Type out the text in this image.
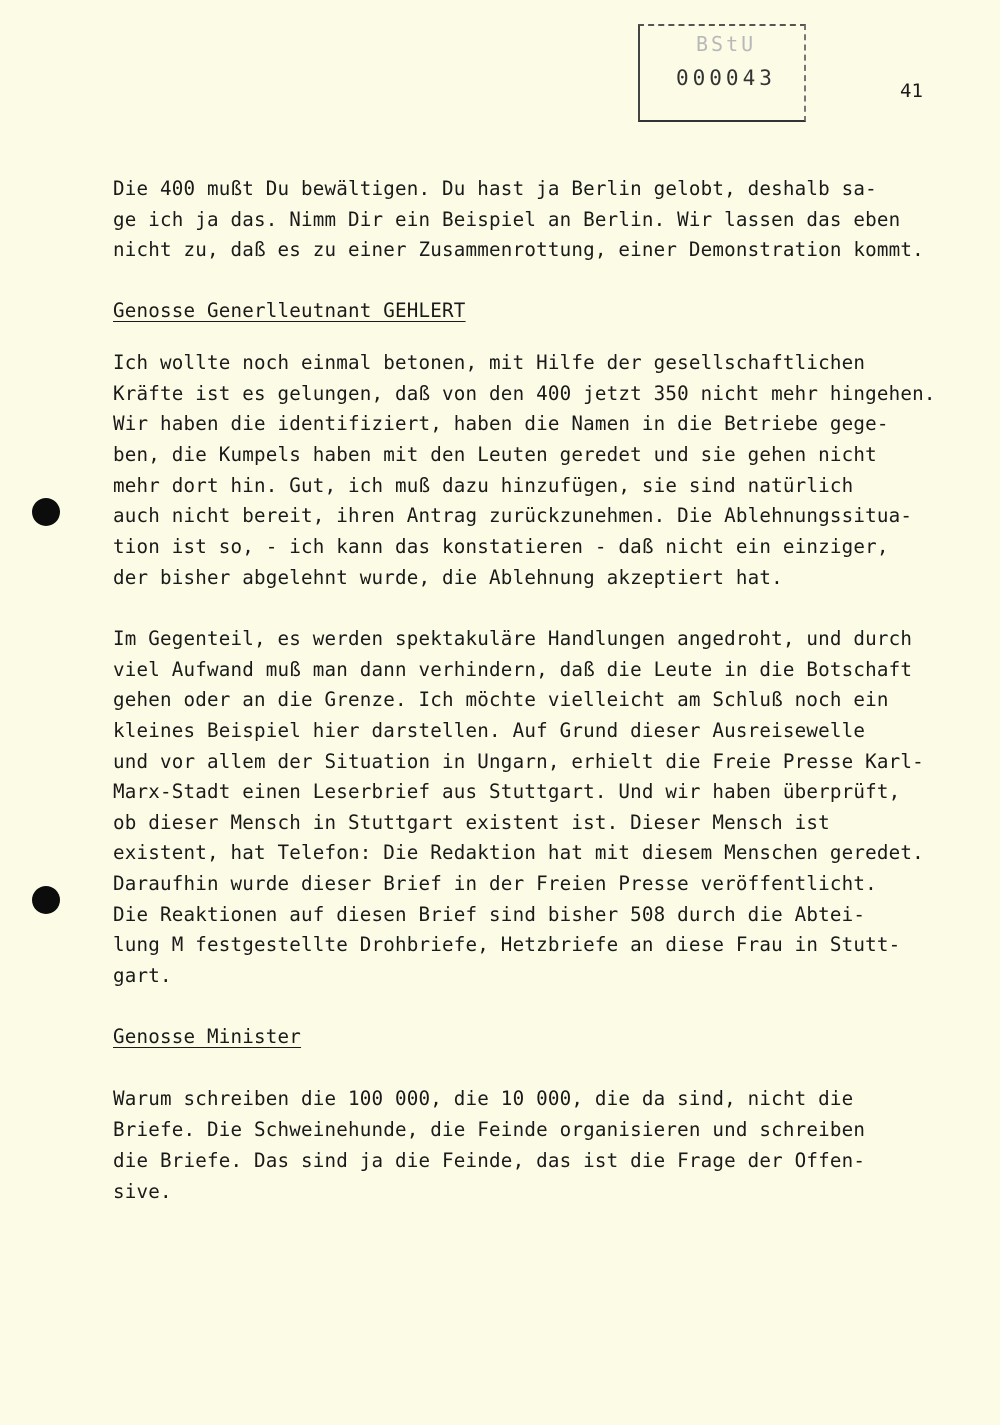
BStU
000043
41
Die 400 mußt Du bewältigen. Du hast ja Berlin gelobt, deshalb sa-
ge ich ja das. Nimm Dir ein Beispiel an Berlin. Wir lassen das eben
nicht zu, daß es zu einer Zusammenrottung, einer Demonstration kommt.
Genosse Generlleutnant GEHLERT
Ich wollte noch einmal betonen, mit Hilfe der gesellschaftlichen
Kräfte ist es gelungen, daß von den 400 jetzt 350 nicht mehr hingehen.
Wir haben die identifiziert, haben die Namen in die Betriebe gege-
ben, die Kumpels haben mit den Leuten geredet und sie gehen nicht
mehr dort hin. Gut, ich muß dazu hinzufügen, sie sind natürlich
auch nicht bereit, ihren Antrag zurückzunehmen. Die Ablehnungssitua-
tion ist so, - ich kann das konstatieren - daß nicht ein einziger,
der bisher abgelehnt wurde, die Ablehnung akzeptiert hat.
Im Gegenteil, es werden spektakuläre Handlungen angedroht, und durch
viel Aufwand muß man dann verhindern, daß die Leute in die Botschaft
gehen oder an die Grenze. Ich möchte vielleicht am Schluß noch ein
kleines Beispiel hier darstellen. Auf Grund dieser Ausreisewelle
und vor allem der Situation in Ungarn, erhielt die Freie Presse Karl-
Marx-Stadt einen Leserbrief aus Stuttgart. Und wir haben überprüft,
ob dieser Mensch in Stuttgart existent ist. Dieser Mensch ist
existent, hat Telefon: Die Redaktion hat mit diesem Menschen geredet.
Daraufhin wurde dieser Brief in der Freien Presse veröffentlicht.
Die Reaktionen auf diesen Brief sind bisher 508 durch die Abtei-
lung M festgestellte Drohbriefe, Hetzbriefe an diese Frau in Stutt-
gart.
Genosse Minister
Warum schreiben die 100 000, die 10 000, die da sind, nicht die
Briefe. Die Schweinehunde, die Feinde organisieren und schreiben
die Briefe. Das sind ja die Feinde, das ist die Frage der Offen-
sive.
